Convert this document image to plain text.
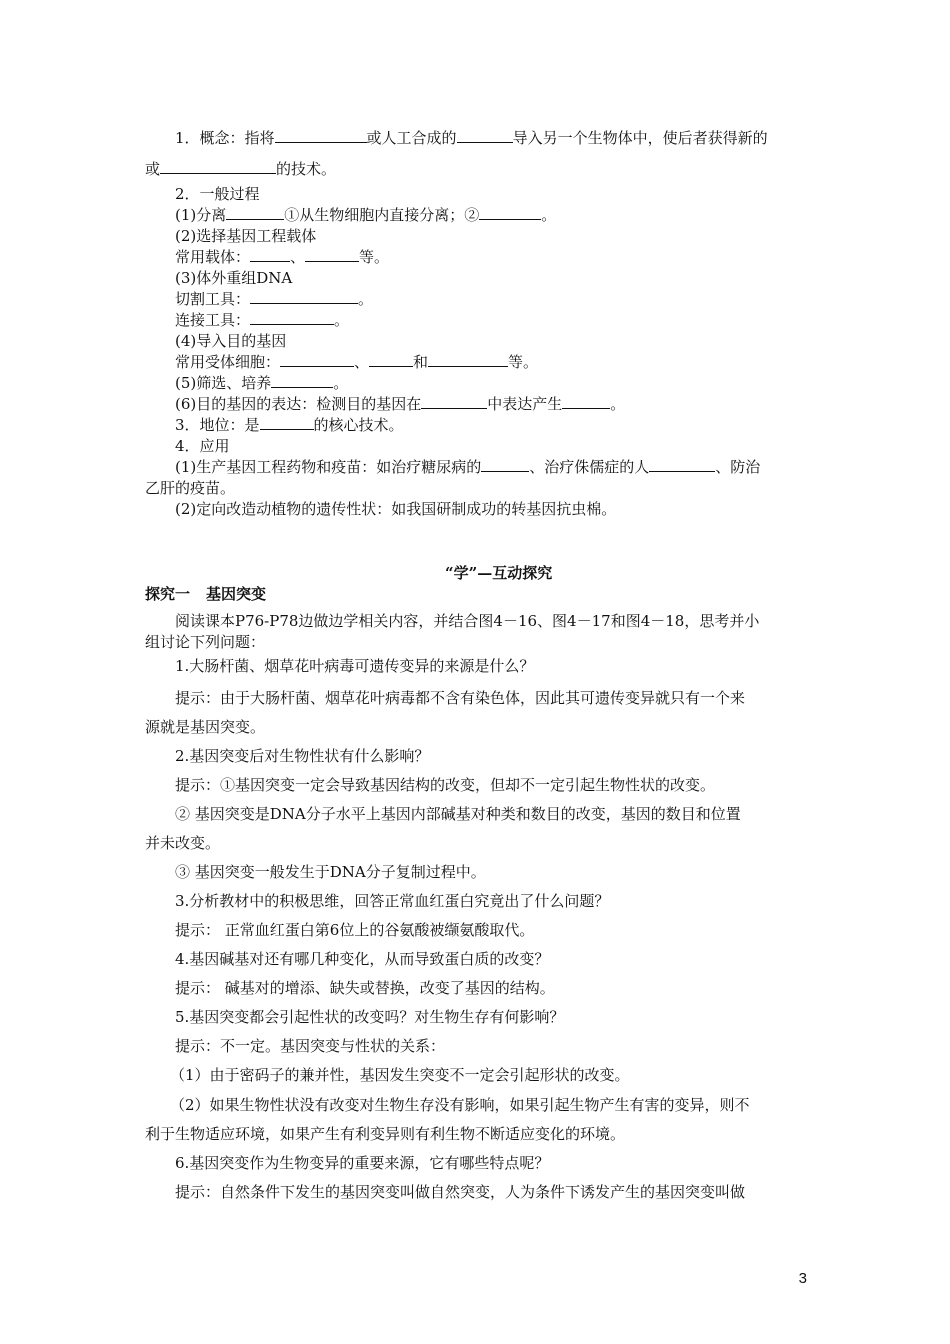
1．概念：指将	或人工合成的	导入另一个生物体中，使后者获得新的
或	的技术。
2．一般过程
(1)分离	①从生物细胞内直接分离；②	。
(2)选择基因工程载体
常用载体：	、	等。
(3)体外重组DNA
切割工具：	。
连接工具：	。
(4)导入目的基因
常用受体细胞：	、	和	等。
(5)筛选、培养	。
(6)目的基因的表达：检测目的基因在	中表达产生	。
3．地位：是	的核心技术。
4．应用
(1)生产基因工程药物和疫苗：如治疗糖尿病的	、治疗侏儒症的人	、防治
乙肝的疫苗。
(2)定向改造动植物的遗传性状：如我国研制成功的转基因抗虫棉。
“学”—互动探究
探究一 基因突变
阅读课本P76-P78边做边学相关内容，并结合图4－16、图4－17和图4－18，思考并小
组讨论下列问题：
1.大肠杆菌、烟草花叶病毒可遗传变异的来源是什么？
提示：由于大肠杆菌、烟草花叶病毒都不含有染色体，因此其可遗传变异就只有一个来
源就是基因突变。
2.基因突变后对生物性状有什么影响？
提示：①基因突变一定会导致基因结构的改变，但却不一定引起生物性状的改变。
② 基因突变是DNA分子水平上基因内部碱基对种类和数目的改变，基因的数目和位置
并未改变。
③ 基因突变一般发生于DNA分子复制过程中。
3.分析教材中的积极思维，回答正常血红蛋白究竟出了什么问题？
提示： 正常血红蛋白第6位上的谷氨酸被缬氨酸取代。
4.基因碱基对还有哪几种变化，从而导致蛋白质的改变？
提示： 碱基对的增添、缺失或替换，改变了基因的结构。
5.基因突变都会引起性状的改变吗？对生物生存有何影响？
提示：不一定。基因突变与性状的关系：
（1）由于密码子的兼并性，基因发生突变不一定会引起形状的改变。
（2）如果生物性状没有改变对生物生存没有影响，如果引起生物产生有害的变异，则不
利于生物适应环境，如果产生有利变异则有利生物不断适应变化的环境。
6.基因突变作为生物变异的重要来源，它有哪些特点呢？
提示：自然条件下发生的基因突变叫做自然突变，人为条件下诱发产生的基因突变叫做
3
